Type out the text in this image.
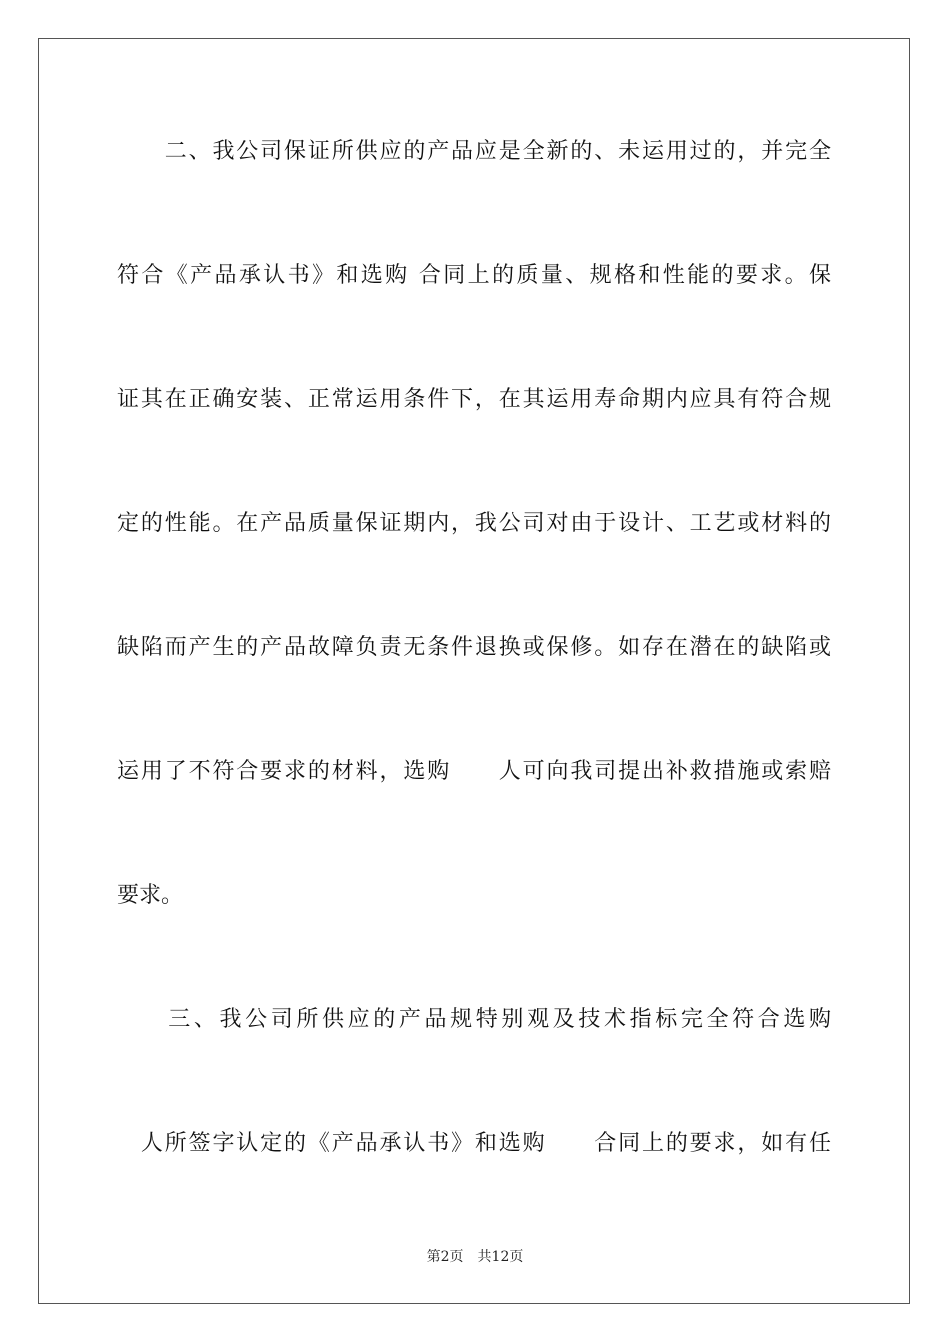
　　二、我公司保证所供应的产品应是全新的、未运用过的，并完全
符合《产品承认书》和选购 合同上的质量、规格和性能的要求。保
证其在正确安装、正常运用条件下，在其运用寿命期内应具有符合规
定的性能。在产品质量保证期内，我公司对由于设计、工艺或材料的
缺陷而产生的产品故障负责无条件退换或保修。如存在潜在的缺陷或
运用了不符合要求的材料，选购　　人可向我司提出补救措施或索赔
要求。
　　三、我公司所供应的产品规特别观及技术指标完全符合选购
　人所签字认定的《产品承认书》和选购　　合同上的要求，如有任
第2页　共12页
